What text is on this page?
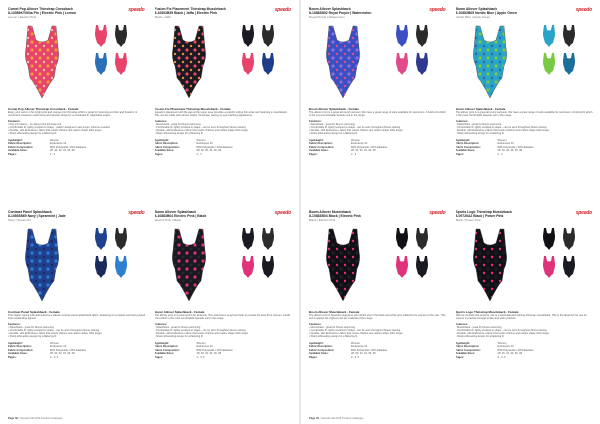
Comet Pop Allover Thinstrap Crossback
8-10089KY063a Pin | Electric Pink | Lemon
Lemon | Electric Pink
speedo
Comet Pop Allover Thinstrap Crossback - Female
Enjoy your swim in this bright pink and orange print thinstrap which is great for improving comfort and freedom of movement. Features mesh lining and slender straps for a crossback fit. Adjustable straps.
Features:
• Pop print allover - an allover print thinstrap suit
• Comfortable fit, lightly sculpted to shape - pattern designed to last longer, chlorine resistant
• Durable, with Endurance+ fabric that resists chlorine and retains shape 100x longer
• Sharp silhouetting design for a flattering fit
Age/Height:	Women
Fabric Description:	Endurance 10
Fabric Composition:	80% Polyamide / 20% Elastane
Available Sizes:	28, 30, 32, 34, 36, 38
Pages:	2 - 3
Fusion Fix Placement Thinstrap Muscleback
8-10893B39 Black | Jaffa | Electric Pink
Black | Jaffa
speedo
Fusion Fix Placement Thinstrap Muscleback - Female
Speedo's placement with the gap at the upper area provides a graphic styling thin-strap suit featuring a muscleback. This can be made with narrow straps, thinstraps, having an eye-catching appearance.
Features:
• Muscleback - great for fitness swimming
• Comfortable fit, lightly sculpted to shape - can be worn throughout fitness training
• Durable, with Endurance+ fabric that resists chlorine and retains shape 100x longer
• Sharp silhouetting design for a flattering fit
Age/Height:	Women
Fabric Description:	Endurance 10
Fabric Composition:	80% Polyamide / 20% Elastane
Available Sizes:	28, 30, 32, 34, 36, 38
Pages:	2 - 3
Contrast Panel Splashback
8-10893B69 Navy | Spearmint | Jade
Navy | Spearmint
speedo
Contrast Panel Splashback - Female
This classic racing swimsuit features a classic contrast panel splashback fabric. Featuring it's a classic swimming styled look outstanding appeal.
Features:
• Splashback - great for fitness swimming
• Comfortable fit, lightly sculpted to shape - can be worn throughout fitness training
• Durable, with Endurance+ fabric that resists chlorine and retains shape 100x longer
• Sharp silhouetting design for a flattering fit
Age/Height:	Women
Fabric Description:	Endurance 10
Fabric Composition:	80% Polyamide / 20% Elastane
Available Sizes:	28, 30, 32, 34, 36, 38
Pages:	2 - 3, 5
Boom Allover Splashback
8-10883B04 Electric Pink | Black
Electric Pink | Black
speedo
Boom Allover Splashback - Female
The allover print is a great option for all levels. This swimsuit is tough and built to provide the best fit for women. A bold print which is the most comfortable Speedo suit in the range.
Features:
• Splashback - great for fitness swimming
• Comfortable fit, lightly sculpted to shape - can be worn throughout fitness training
• Durable, with Endurance+ fabric that resists chlorine and retains shape 100x longer
• Sharp silhouetting design for a flattering fit
Age/Height:	Women
Fabric Description:	Endurance 10
Fabric Composition:	80% Polyamide / 20% Elastane
Available Sizes:	28, 30, 32, 34, 36, 38
Pages:	2 - 3, 5
Page 39 | Speedo Fall 2014 Product Catalogue
Boom Allover Splashback
8-10883B02 Royal Purple | Watermelon
Royal Purple | Watermelon
speedo
Boom Allover Splashback - Female
The allover print is a great all-round swimsuit. We have a great range of suits available for swimmers. A bold print which is the most comfortable Speedo suit in the range.
Features:
• Splashback - great for fitness swimming
• Comfortable fit, lightly sculpted to shape - can be worn throughout fitness training
• Durable, with Endurance+ fabric that resists chlorine and retains shape 100x longer
• Sharp silhouetting design for a flattering fit
Age/Height:	Women
Fabric Description:	Endurance 10
Fabric Composition:	80% Polyamide / 20% Elastane
Available Sizes:	28, 30, 32, 34, 36, 38
Pages:	2 - 3
Boom Allover Splashback
8-10883B05 Nordic Blue | Apple Green
Nordic Blue | Apple Green
speedo
Boom Allover Splashback - Female
The allover print is a great all-round swimsuit. We have a great range of suits available for swimmers. A bold print which is the most comfortable Speedo suit in the range.
Features:
• Splashback - great for fitness swimming
• Comfortable fit, lightly sculpted to shape - can be worn throughout fitness training
• Durable, with Endurance+ fabric that resists chlorine and retains shape 100x longer
• Sharp silhouetting design for a flattering fit
Age/Height:	Women
Fabric Description:	Endurance 10
Fabric Composition:	80% Polyamide / 20% Elastane
Available Sizes:	28, 30, 32, 34, 36, 38
Pages:	2 - 3
Boom Allover Muscleback
8-10883B04 Black | Electric Pink
Black | Electric Pink
speedo
Boom Allover Muscleback - Female
The allover print is Speedo's signature print which sits in the black and white print collection for women of the mile. This suit is always the highest cost per material of the range.
Features:
• Muscleback - great for fitness swimming
• Comfortable fit, lightly sculpted to shape - can be worn throughout fitness training
• Durable, with Endurance+ fabric that resists chlorine and retains shape 100x longer
• Sharp silhouetting design for a flattering fit
Age/Height:	Women
Fabric Description:	Endurance 10
Fabric Composition:	80% Polyamide / 20% Elastane
Available Sizes:	28, 30, 32, 34, 36, 38
Pages:	2 - 3, 5
Sports Logo Thinstrap Muscleback
8-09726A2 Black | Power Pink
Black | Power Pink
speedo
Sports Logo Thinstrap Muscleback - Female
With its contrast pink accents, this is a well-balanced training thinstrap muscleback. This is the ideal suit for use for anyone to practise through stroke and swim practice.
Features:
• Muscleback - great for fitness swimming
• Comfortable fit, lightly sculpted to shape - can be worn throughout fitness training
• Durable, with Endurance+ fabric that resists chlorine and retains shape 100x longer
• Sharp silhouetting design for a flattering fit
Age/Height:	Women
Fabric Description:	Endurance 10
Fabric Composition:	80% Polyamide / 20% Elastane
Available Sizes:	28, 30, 32, 34, 36, 38
Pages:	2 - 3, 5
Page 40 | Speedo Fall 2014 Product Catalogue
